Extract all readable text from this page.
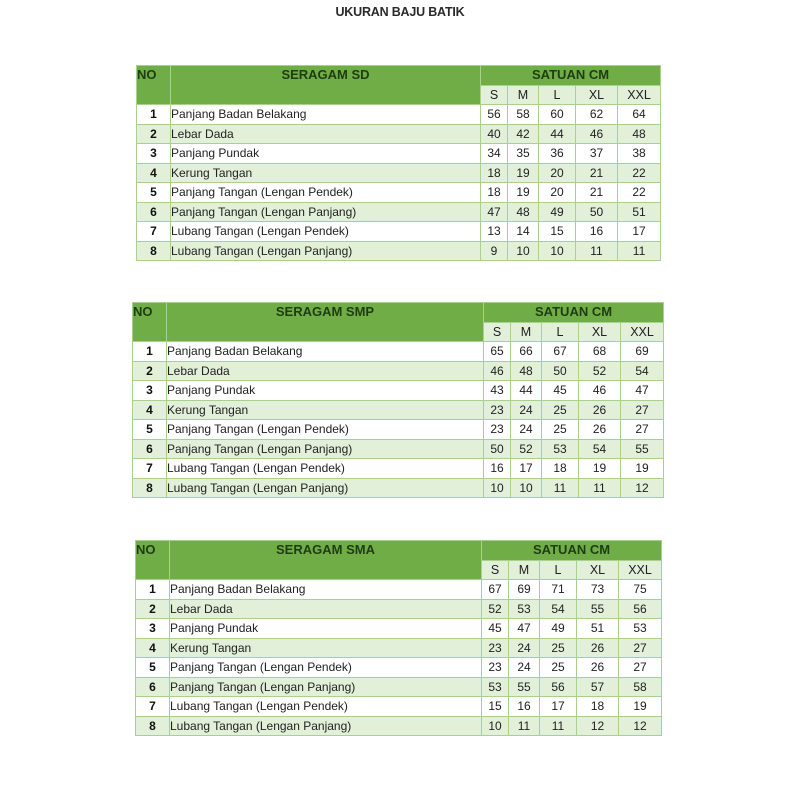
UKURAN BAJU BATIK
NO	SERAGAM SD	SATUAN CM				
		S	M	L	XL	XXL
1	Panjang Badan Belakang	56	58	60	62	64
2	Lebar Dada	40	42	44	46	48
3	Panjang Pundak	34	35	36	37	38
4	Kerung Tangan	18	19	20	21	22
5	Panjang Tangan (Lengan Pendek)	18	19	20	21	22
6	Panjang Tangan (Lengan Panjang)	47	48	49	50	51
7	Lubang Tangan (Lengan Pendek)	13	14	15	16	17
8	Lubang Tangan (Lengan Panjang)	9	10	10	11	11
NO	SERAGAM SMP	SATUAN CM				
		S	M	L	XL	XXL
1	Panjang Badan Belakang	65	66	67	68	69
2	Lebar Dada	46	48	50	52	54
3	Panjang Pundak	43	44	45	46	47
4	Kerung Tangan	23	24	25	26	27
5	Panjang Tangan (Lengan Pendek)	23	24	25	26	27
6	Panjang Tangan (Lengan Panjang)	50	52	53	54	55
7	Lubang Tangan (Lengan Pendek)	16	17	18	19	19
8	Lubang Tangan (Lengan Panjang)	10	10	11	11	12
NO	SERAGAM SMA	SATUAN CM				
		S	M	L	XL	XXL
1	Panjang Badan Belakang	67	69	71	73	75
2	Lebar Dada	52	53	54	55	56
3	Panjang Pundak	45	47	49	51	53
4	Kerung Tangan	23	24	25	26	27
5	Panjang Tangan (Lengan Pendek)	23	24	25	26	27
6	Panjang Tangan (Lengan Panjang)	53	55	56	57	58
7	Lubang Tangan (Lengan Pendek)	15	16	17	18	19
8	Lubang Tangan (Lengan Panjang)	10	11	11	12	12
